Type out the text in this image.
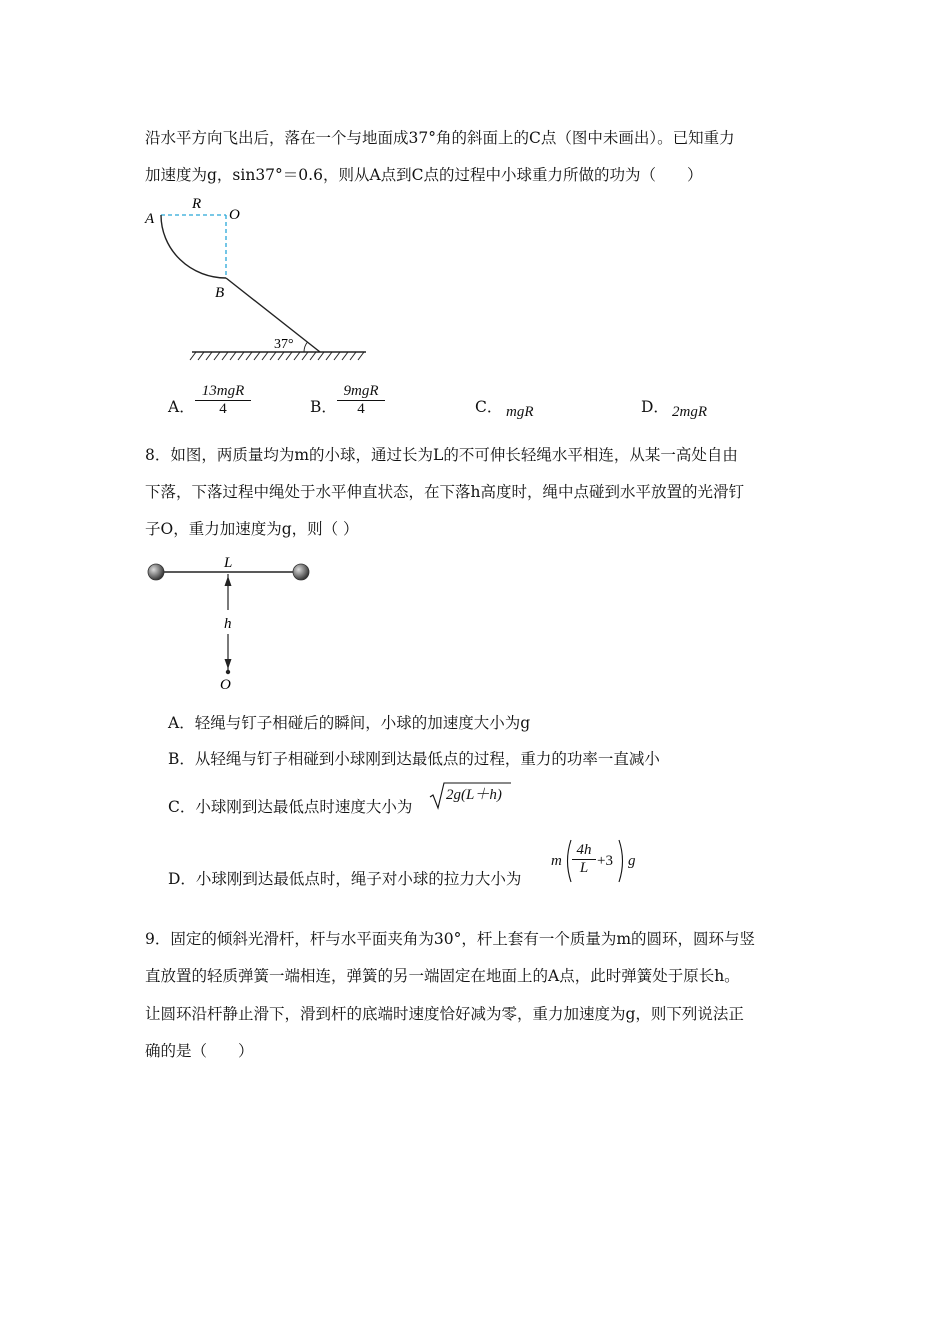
沿水平方向飞出后，落在一个与地面成37°角的斜面上的C点（图中未画出）。已知重力
加速度为g，sin37°＝0.6，则从A点到C点的过程中小球重力所做的功为（　　）
A
R
O
B
37°
A．
13mgR
4	B．
9mgR
4	C． mgR	D． 2mgR
8．如图，两质量均为m的小球，通过长为L的不可伸长轻绳水平相连，从某一高处自由
下落，下落过程中绳处于水平伸直状态，在下落h高度时，绳中点碰到水平放置的光滑钉
子O，重力加速度为g，则（ ）
L
h
O
A．轻绳与钉子相碰后的瞬间，小球的加速度大小为g
B．从轻绳与钉子相碰到小球刚到达最低点的过程，重力的功率一直减小
C．小球刚到达最低点时速度大小为
2g(L＋h)
D．小球刚到达最低点时，绳子对小球的拉力大小为
m $\frac{4h}{L} +3$ g
9．固定的倾斜光滑杆，杆与水平面夹角为30°，杆上套有一个质量为m的圆环，圆环与竖
直放置的轻质弹簧一端相连，弹簧的另一端固定在地面上的A点，此时弹簧处于原长h。
让圆环沿杆静止滑下，滑到杆的底端时速度恰好减为零，重力加速度为g，则下列说法正
确的是（　　）
